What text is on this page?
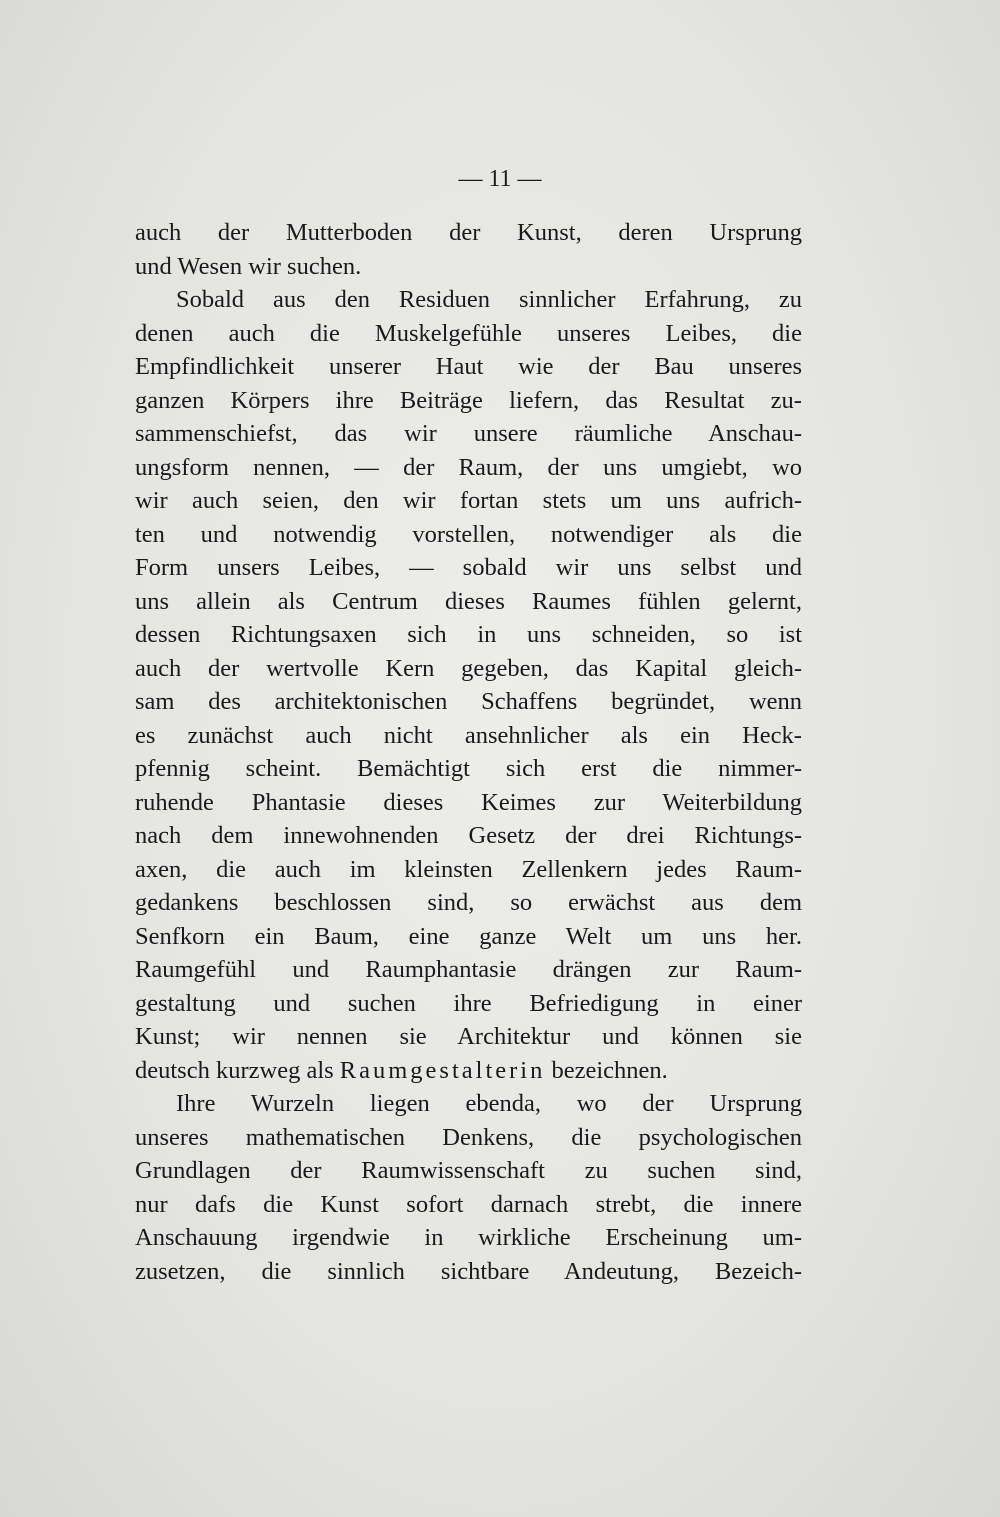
— 11 —
auch der Mutterboden der Kunst, deren Ursprung
und Wesen wir suchen.
Sobald aus den Residuen sinnlicher Erfahrung, zu
denen auch die Muskelgefühle unseres Leibes, die
Empfindlichkeit unserer Haut wie der Bau unseres
ganzen Körpers ihre Beiträge liefern, das Resultat zu-
sammenschiefst, das wir unsere räumliche Anschau-
ungsform nennen, — der Raum, der uns umgiebt, wo
wir auch seien, den wir fortan stets um uns aufrich-
ten und notwendig vorstellen, notwendiger als die
Form unsers Leibes, — sobald wir uns selbst und
uns allein als Centrum dieses Raumes fühlen gelernt,
dessen Richtungsaxen sich in uns schneiden, so ist
auch der wertvolle Kern gegeben, das Kapital gleich-
sam des architektonischen Schaffens begründet, wenn
es zunächst auch nicht ansehnlicher als ein Heck-
pfennig scheint. Bemächtigt sich erst die nimmer-
ruhende Phantasie dieses Keimes zur Weiterbildung
nach dem innewohnenden Gesetz der drei Richtungs-
axen, die auch im kleinsten Zellenkern jedes Raum-
gedankens beschlossen sind, so erwächst aus dem
Senfkorn ein Baum, eine ganze Welt um uns her.
Raumgefühl und Raumphantasie drängen zur Raum-
gestaltung und suchen ihre Befriedigung in einer
Kunst; wir nennen sie Architektur und können sie
deutsch kurzweg als Raumgestalterin bezeichnen.
Ihre Wurzeln liegen ebenda, wo der Ursprung
unseres mathematischen Denkens, die psychologischen
Grundlagen der Raumwissenschaft zu suchen sind,
nur dafs die Kunst sofort darnach strebt, die innere
Anschauung irgendwie in wirkliche Erscheinung um-
zusetzen, die sinnlich sichtbare Andeutung, Bezeich-
